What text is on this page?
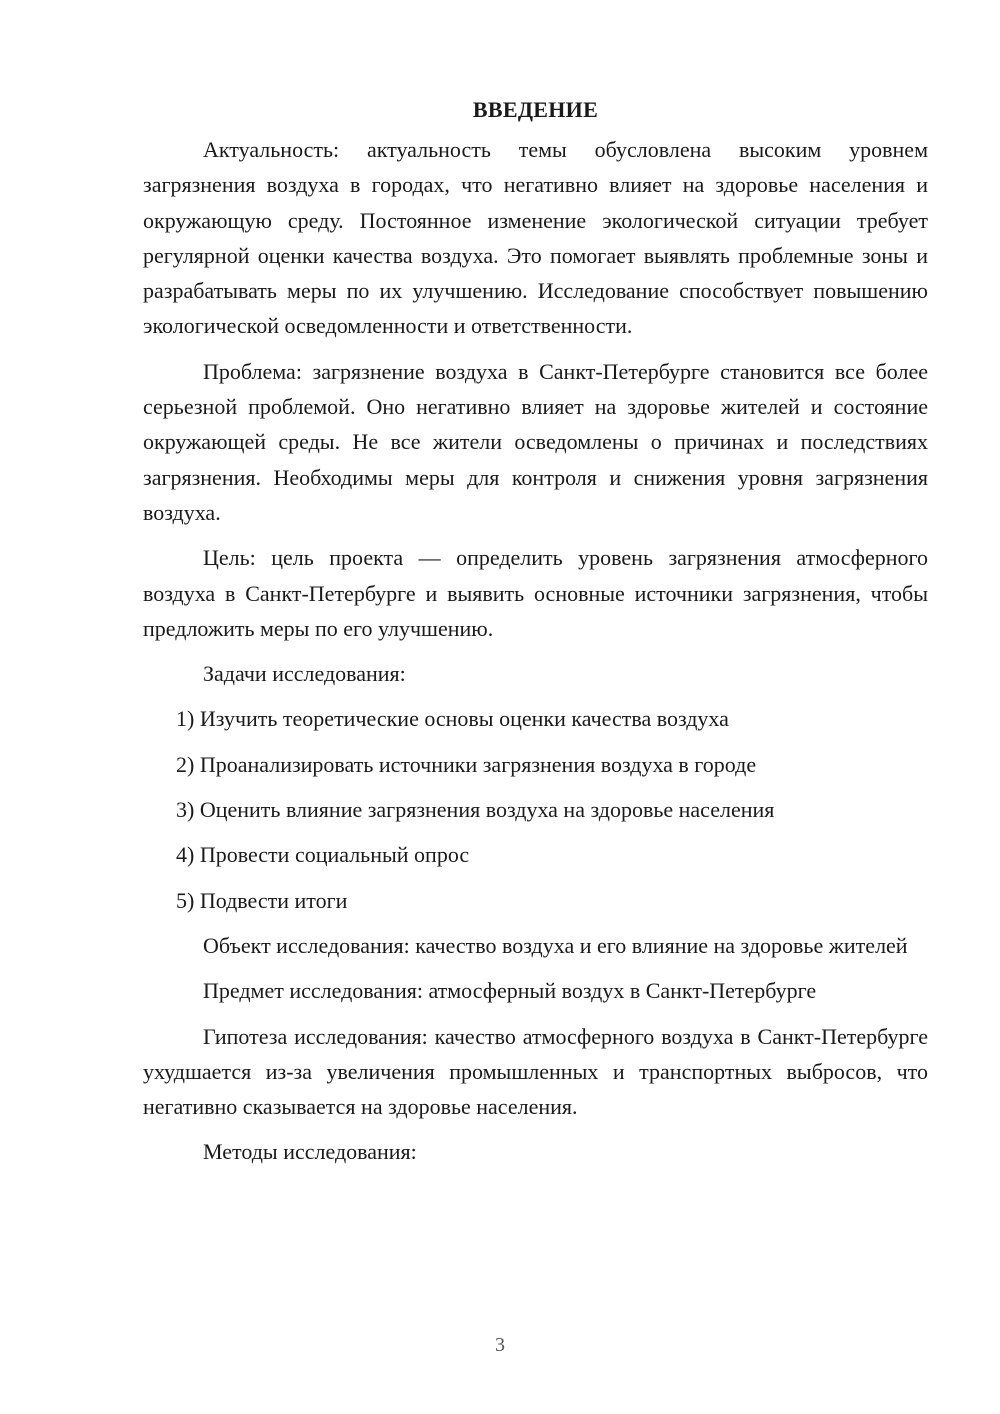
ВВЕДЕНИЕ

Актуальность: актуальность темы обусловлена высоким уровнем загрязнения воздуха в городах, что негативно влияет на здоровье населения и окружающую среду. Постоянное изменение экологической ситуации требует регулярной оценки качества воздуха. Это помогает выявлять проблемные зоны и разрабатывать меры по их улучшению. Исследование способствует повышению экологической осведомленности и ответственности.

Проблема: загрязнение воздуха в Санкт-Петербурге становится все более серьезной проблемой. Оно негативно влияет на здоровье жителей и состояние окружающей среды. Не все жители осведомлены о причинах и последствиях загрязнения. Необходимы меры для контроля и снижения уровня загрязнения воздуха.

Цель: цель проекта — определить уровень загрязнения атмосферного воздуха в Санкт-Петербурге и выявить основные источники загрязнения, чтобы предложить меры по его улучшению.

Задачи исследования:

1) Изучить теоретические основы оценки качества воздуха
2) Проанализировать источники загрязнения воздуха в городе
3) Оценить влияние загрязнения воздуха на здоровье населения
4) Провести социальный опрос
5) Подвести итоги

Объект исследования: качество воздуха и его влияние на здоровье жителей

Предмет исследования: атмосферный воздух в Санкт-Петербурге

Гипотеза исследования: качество атмосферного воздуха в Санкт-Петербурге ухудшается из-за увеличения промышленных и транспортных выбросов, что негативно сказывается на здоровье населения.

Методы исследования:

3
